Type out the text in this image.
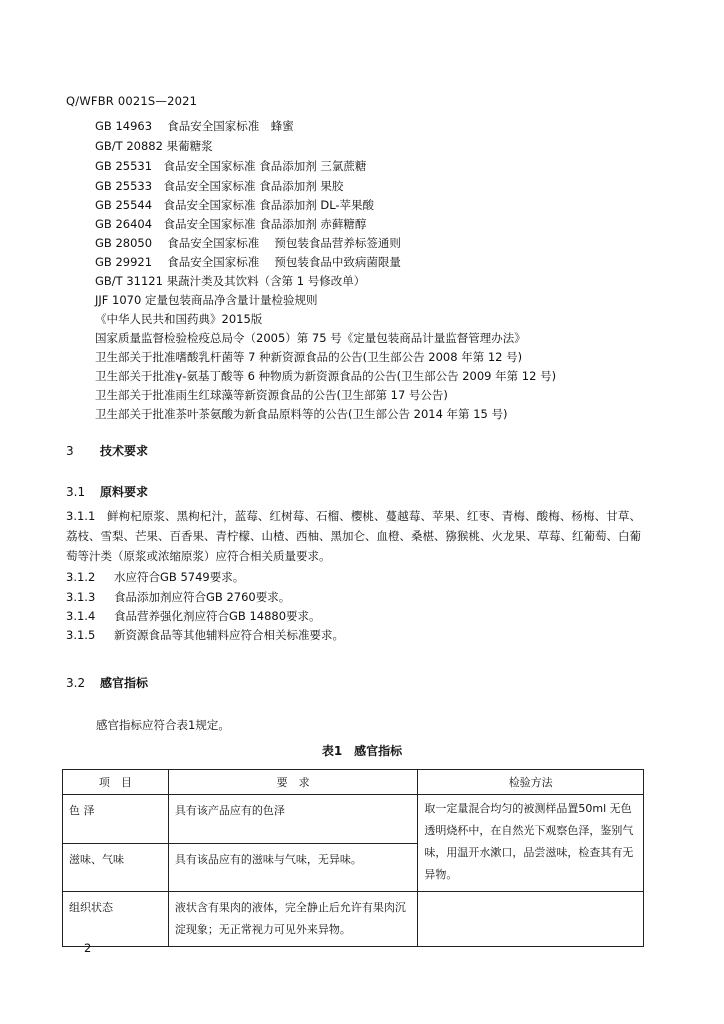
Q/WFBR 0021S—2021
GB 14963　 食品安全国家标准　蜂蜜
GB/T 20882 果葡糖浆
GB 25531　食品安全国家标准 食品添加剂 三氯蔗糖
GB 25533　食品安全国家标准 食品添加剂 果胶
GB 25544　食品安全国家标准 食品添加剂 DL-苹果酸
GB 26404　食品安全国家标准 食品添加剂 赤藓糖醇
GB 28050　 食品安全国家标准　 预包装食品营养标签通则
GB 29921　 食品安全国家标准　 预包装食品中致病菌限量
GB/T 31121 果蔬汁类及其饮料（含第 1 号修改单）
JJF 1070 定量包装商品净含量计量检验规则
《中华人民共和国药典》2015版
国家质量监督检验检疫总局令（2005）第 75 号《定量包装商品计量监督管理办法》
卫生部关于批准嗜酸乳杆菌等 7 种新资源食品的公告(卫生部公告 2008 年第 12 号)
卫生部关于批准γ-氨基丁酸等 6 种物质为新资源食品的公告(卫生部公告 2009 年第 12 号)
卫生部关于批准雨生红球藻等新资源食品的公告(卫生部第 17 号公告)
卫生部关于批准茶叶茶氨酸为新食品原料等的公告(卫生部公告 2014 年第 15 号)
3 技术要求
3.1 原料要求
3.1.1　鲜枸杞原浆、黑枸杞汁，蓝莓、红树莓、石榴、樱桃、蔓越莓、苹果、红枣、青梅、酸梅、杨梅、甘草、荔枝、雪梨、芒果、百香果、青柠檬、山楂、西柚、黑加仑、血橙、桑椹、猕猴桃、火龙果、草莓、红葡萄、白葡萄等汁类（原浆或浓缩原浆）应符合相关质量要求。
3.1.2 水应符合GB 5749要求。
3.1.3 食品添加剂应符合GB 2760要求。
3.1.4 食品营养强化剂应符合GB 14880要求。
3.1.5 新资源食品等其他辅料应符合相关标准要求。
3.2 感官指标
感官指标应符合表1规定。
表1　感官指标
项　目	要　求	检验方法
色 泽	具有该产品应有的色泽	取一定量混合均匀的被测样品置50ml 无色透明烧杯中，在自然光下观察色泽，鉴别气味，用温开水漱口，品尝滋味，检查其有无异物。
滋味、气味	具有该品应有的滋味与气味，无异味。	
组织状态	液状含有果肉的液体，完全静止后允许有果肉沉淀现象；无正常视力可见外来异物。	
2
